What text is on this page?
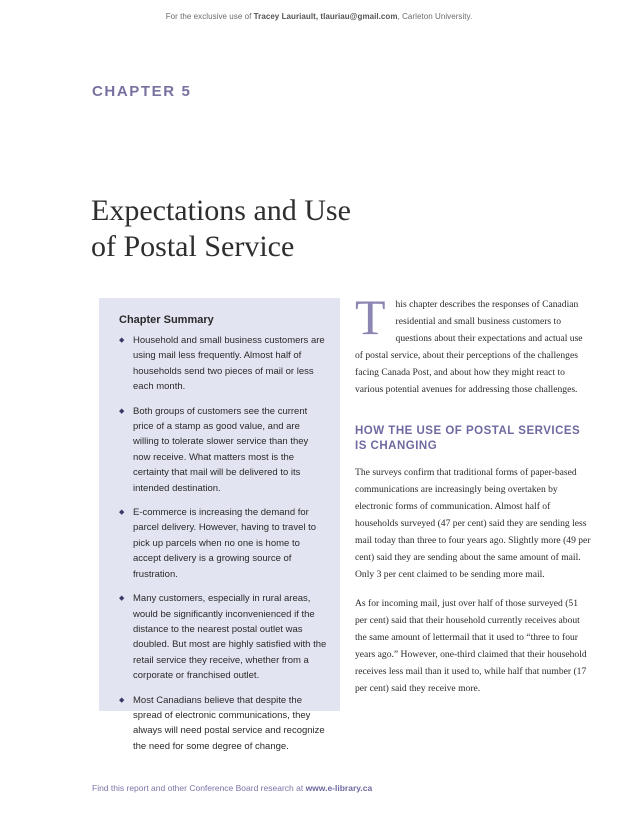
For the exclusive use of Tracey Lauriault, tlauriau@gmail.com, Carleton University.
CHAPTER 5
Expectations and Use
of Postal Service
Chapter Summary
◆ Household and small business customers are using mail less frequently. Almost half of households send two pieces of mail or less each month.
◆ Both groups of customers see the current price of a stamp as good value, and are willing to tolerate slower service than they now receive. What matters most is the certainty that mail will be delivered to its intended destination.
◆ E-commerce is increasing the demand for parcel delivery. However, having to travel to pick up parcels when no one is home to accept delivery is a growing source of frustration.
◆ Many customers, especially in rural areas, would be significantly inconvenienced if the distance to the nearest postal outlet was doubled. But most are highly satisfied with the retail service they receive, whether from a corporate or franchised outlet.
◆ Most Canadians believe that despite the spread of electronic communications, they always will need postal service and recognize the need for some degree of change.

T his chapter describes the responses of Canadian residential and small business customers to questions about their expectations and actual use of postal service, about their perceptions of the challenges facing Canada Post, and about how they might react to various potential avenues for addressing those challenges.

HOW THE USE OF POSTAL SERVICES IS CHANGING

The surveys confirm that traditional forms of paper-based communications are increasingly being overtaken by electronic forms of communication. Almost half of households surveyed (47 per cent) said they are sending less mail today than three to four years ago. Slightly more (49 per cent) said they are sending about the same amount of mail. Only 3 per cent claimed to be sending more mail.

As for incoming mail, just over half of those surveyed (51 per cent) said that their household currently receives about the same amount of lettermail that it used to “three to four years ago.” However, one-third claimed that their household receives less mail than it used to, while half that number (17 per cent) said they receive more.

Find this report and other Conference Board research at www.e-library.ca
